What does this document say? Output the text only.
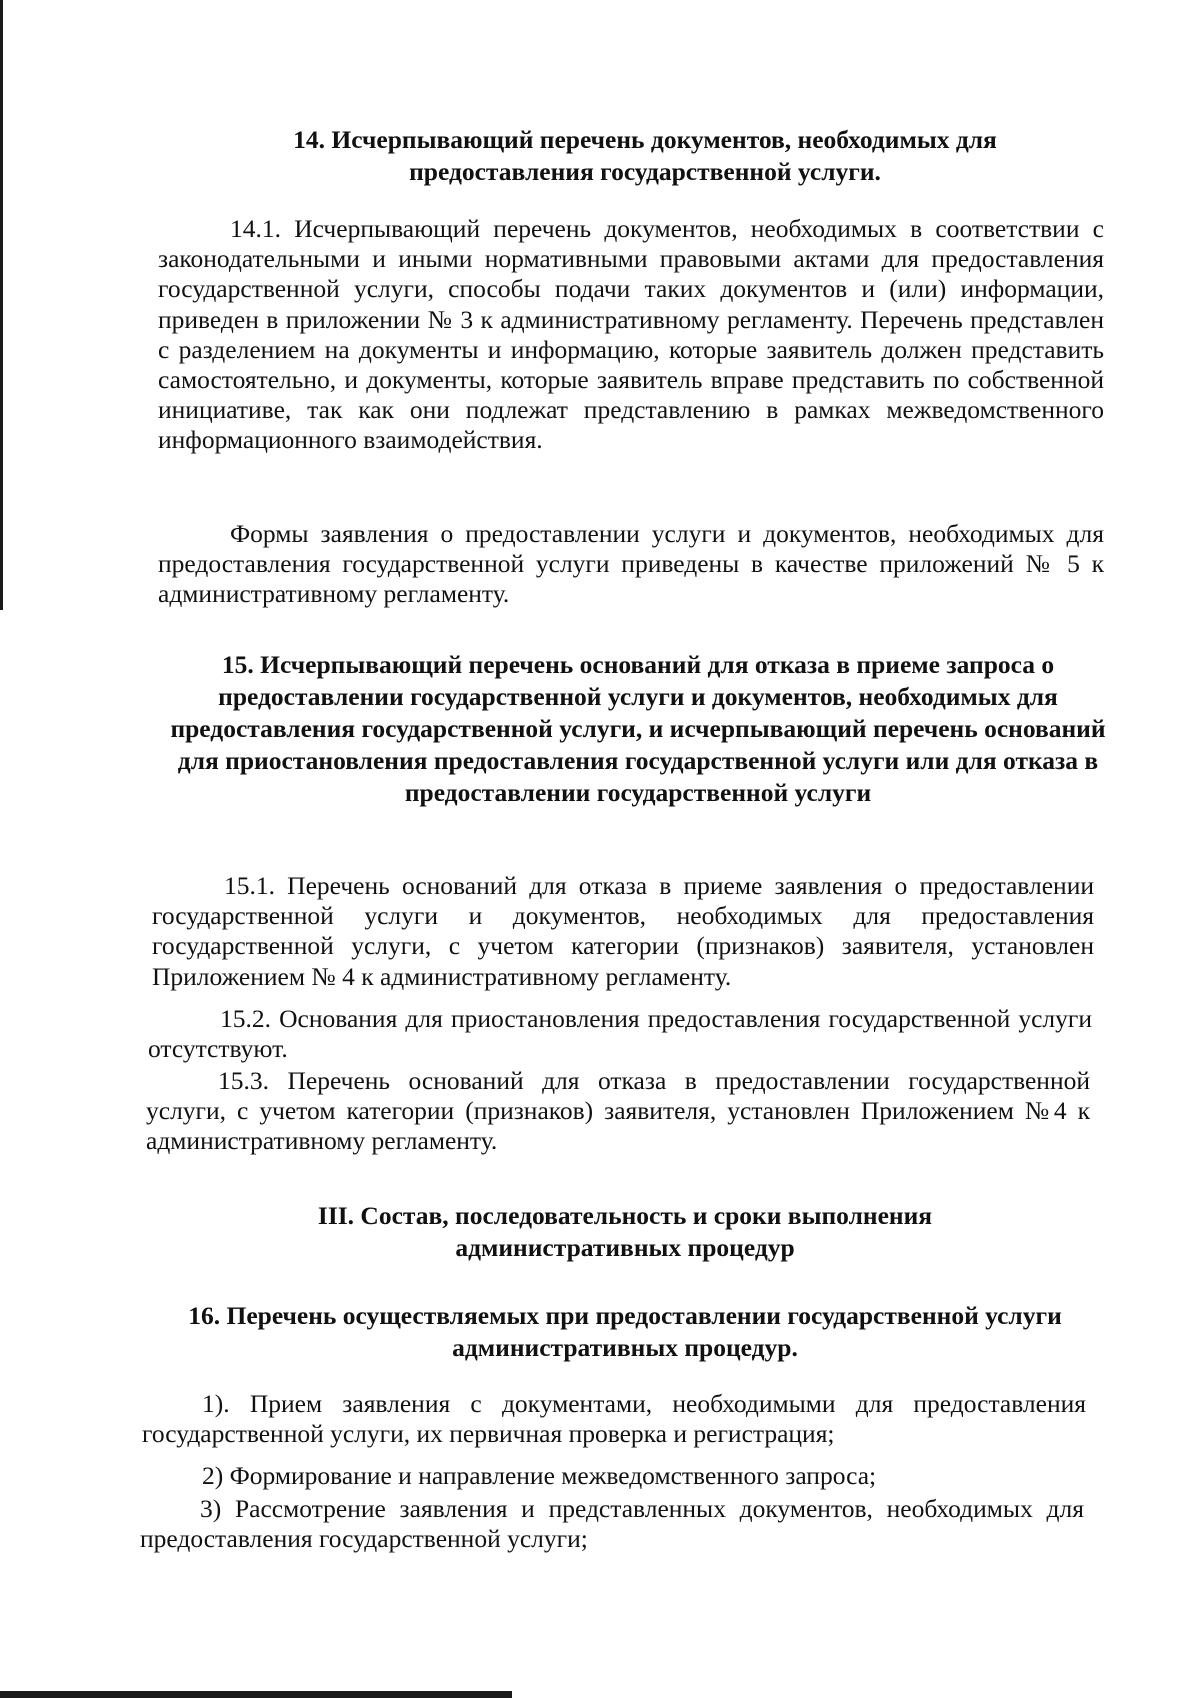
14. Исчерпывающий перечень документов, необходимых для предоставления государственной услуги.

14.1. Исчерпывающий перечень документов, необходимых в соответствии с законодательными и иными нормативными правовыми актами для предоставления государственной услуги, способы подачи таких документов и (или) информации, приведен в приложении № 3 к административному регламенту. Перечень представлен с разделением на документы и информацию, которые заявитель должен представить самостоятельно, и документы, которые заявитель вправе представить по собственной инициативе, так как они подлежат представлению в рамках межведомственного информационного взаимодействия.

Формы заявления о предоставлении услуги и документов, необходимых для предоставления государственной услуги приведены в качестве приложений № 5 к административному регламенту.

15. Исчерпывающий перечень оснований для отказа в приеме запроса о предоставлении государственной услуги и документов, необходимых для предоставления государственной услуги, и исчерпывающий перечень оснований для приостановления предоставления государственной услуги или для отказа в предоставлении государственной услуги

15.1. Перечень оснований для отказа в приеме заявления о предоставлении государственной услуги и документов, необходимых для предоставления государственной услуги, с учетом категории (признаков) заявителя, установлен Приложением № 4 к административному регламенту.

15.2. Основания для приостановления предоставления государственной услуги отсутствуют.

15.3. Перечень оснований для отказа в предоставлении государственной услуги, с учетом категории (признаков) заявителя, установлен Приложением №4 к административному регламенту.

III. Состав, последовательность и сроки выполнения административных процедур
16. Перечень осуществляемых при предоставлении государственной услуги административных процедур.

1). Прием заявления с документами, необходимыми для предоставления государственной услуги, их первичная проверка и регистрация;

2) Формирование и направление межведомственного запроса;

3) Рассмотрение заявления и представленных документов, необходимых для предоставления государственной услуги;
